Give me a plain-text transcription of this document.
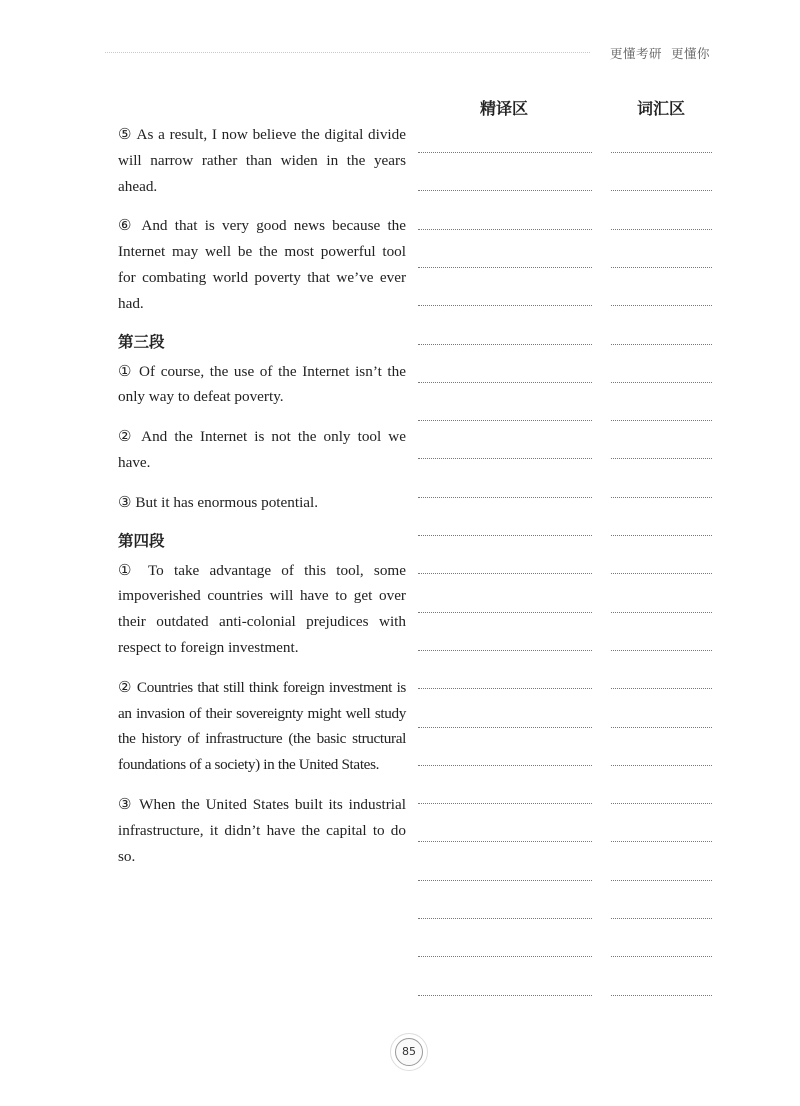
更懂考研  更懂你
精译区	词汇区

⑤ As a result, I now believe the digital divide will narrow rather than widen in the years ahead.

⑥ And that is very good news because the Internet may well be the most powerful tool for combating world poverty that we’ve ever had.

第三段

① Of course, the use of the Internet isn’t the only way to defeat poverty.

② And the Internet is not the only tool we have.

③ But it has enormous potential.

第四段

① To take advantage of this tool, some impoverished countries will have to get over their outdated anti-colonial prejudices with respect to foreign investment.

② Countries that still think foreign investment is an invasion of their sovereignty might well study the history of infrastructure (the basic structural foundations of a society) in the United States.

③ When the United States built its industrial infrastructure, it didn’t have the capital to do so.

85
